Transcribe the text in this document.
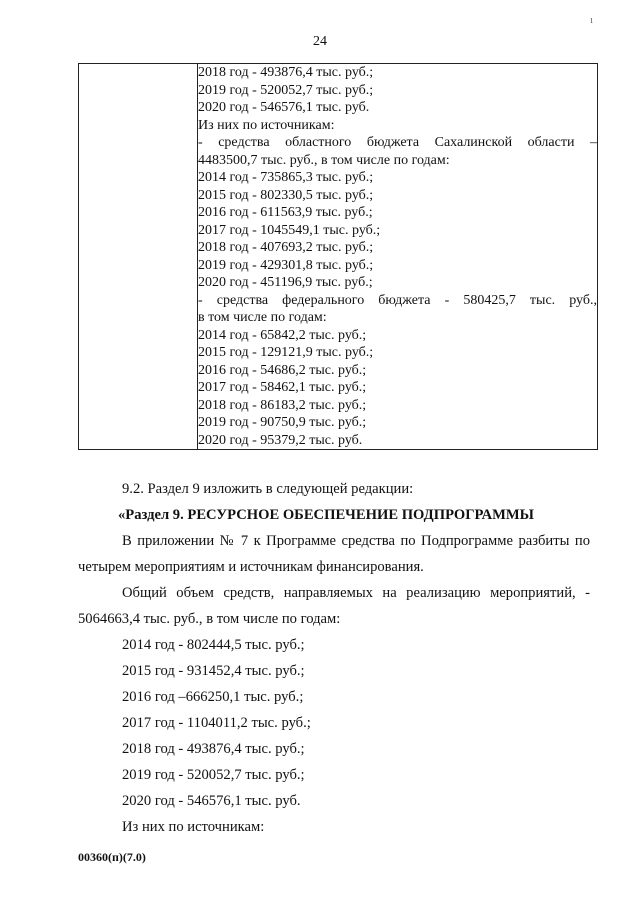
ı
24

2018 год - 493876,4 тыс. руб.;
2019 год - 520052,7 тыс. руб.;
2020 год - 546576,1 тыс. руб.
Из них по источникам:
- средства областного бюджета Сахалинской области –
4483500,7 тыс. руб., в том числе по годам:
2014 год - 735865,3 тыс. руб.;
2015 год - 802330,5 тыс. руб.;
2016 год - 611563,9 тыс. руб.;
2017 год - 1045549,1 тыс. руб.;
2018 год - 407693,2 тыс. руб.;
2019 год - 429301,8 тыс. руб.;
2020 год - 451196,9 тыс. руб.;
- средства федерального бюджета - 580425,7 тыс. руб.,
в том числе по годам:
2014 год - 65842,2 тыс. руб.;
2015 год - 129121,9 тыс. руб.;
2016 год - 54686,2 тыс. руб.;
2017 год - 58462,1 тыс. руб.;
2018 год - 86183,2 тыс. руб.;
2019 год - 90750,9 тыс. руб.;
2020 год - 95379,2 тыс. руб.
9.2. Раздел 9 изложить в следующей редакции:
«Раздел 9. РЕСУРСНОЕ ОБЕСПЕЧЕНИЕ ПОДПРОГРАММЫ
В приложении № 7 к Программе средства по Подпрограмме разбиты по
четырем мероприятиям и источникам финансирования.
Общий объем средств, направляемых на реализацию мероприятий, -
5064663,4 тыс. руб., в том числе по годам:
2014 год - 802444,5 тыс. руб.;
2015 год - 931452,4 тыс. руб.;
2016 год –666250,1 тыс. руб.;
2017 год - 1104011,2 тыс. руб.;
2018 год - 493876,4 тыс. руб.;
2019 год - 520052,7 тыс. руб.;
2020 год - 546576,1 тыс. руб.
Из них по источникам:
00360(п)(7.0)
